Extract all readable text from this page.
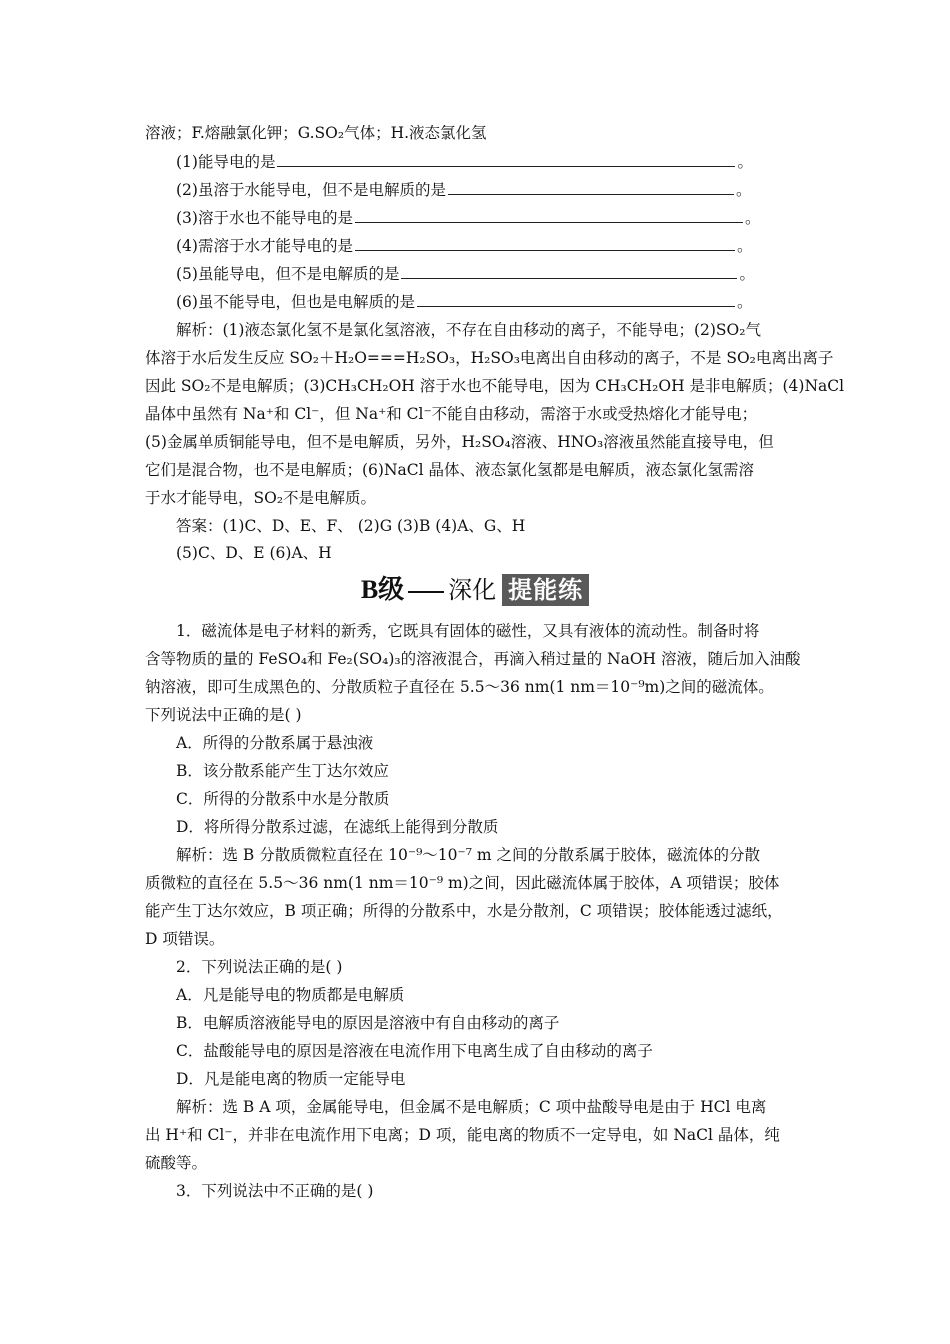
溶液；F.熔融氯化钾；G.SO₂气体；H.液态氯化氢
(1)能导电的是	。
(2)虽溶于水能导电，但不是电解质的是	。
(3)溶于水也不能导电的是	。
(4)需溶于水才能导电的是	。
(5)虽能导电，但不是电解质的是	。
(6)虽不能导电，但也是电解质的是	。
解析：(1)液态氯化氢不是氯化氢溶液，不存在自由移动的离子，不能导电；(2)SO₂气
体溶于水后发生反应 SO₂＋H₂O===H₂SO₃，H₂SO₃电离出自由移动的离子，不是 SO₂电离出离子
因此 SO₂不是电解质；(3)CH₃CH₂OH 溶于水也不能导电，因为 CH₃CH₂OH 是非电解质；(4)NaCl
晶体中虽然有 Na⁺和 Cl⁻，但 Na⁺和 Cl⁻不能自由移动，需溶于水或受热熔化才能导电；
(5)金属单质铜能导电，但不是电解质，另外，H₂SO₄溶液、HNO₃溶液虽然能直接导电，但
它们是混合物，也不是电解质；(6)NaCl 晶体、液态氯化氢都是电解质，液态氯化氢需溶
于水才能导电，SO₂不是电解质。
答案：(1)C、D、E、F、 (2)G (3)B (4)A、G、H
(5)C、D、E (6)A、H
B级 深化 提能练
1．磁流体是电子材料的新秀，它既具有固体的磁性，又具有液体的流动性。制备时将
含等物质的量的 FeSO₄和 Fe₂(SO₄)₃的溶液混合，再滴入稍过量的 NaOH 溶液，随后加入油酸
钠溶液，即可生成黑色的、分散质粒子直径在 5.5～36 nm(1 nm＝10⁻⁹m)之间的磁流体。
下列说法中正确的是( )
A．所得的分散系属于悬浊液
B．该分散系能产生丁达尔效应
C．所得的分散系中水是分散质
D．将所得分散系过滤，在滤纸上能得到分散质
解析：选 B 分散质微粒直径在 10⁻⁹～10⁻⁷ m 之间的分散系属于胶体，磁流体的分散
质微粒的直径在 5.5～36 nm(1 nm＝10⁻⁹ m)之间，因此磁流体属于胶体，A 项错误；胶体
能产生丁达尔效应，B 项正确；所得的分散系中，水是分散剂，C 项错误；胶体能透过滤纸，
D 项错误。
2．下列说法正确的是( )
A．凡是能导电的物质都是电解质
B．电解质溶液能导电的原因是溶液中有自由移动的离子
C．盐酸能导电的原因是溶液在电流作用下电离生成了自由移动的离子
D．凡是能电离的物质一定能导电
解析：选 B A 项，金属能导电，但金属不是电解质；C 项中盐酸导电是由于 HCl 电离
出 H⁺和 Cl⁻，并非在电流作用下电离；D 项，能电离的物质不一定导电，如 NaCl 晶体，纯
硫酸等。
3．下列说法中不正确的是( )
